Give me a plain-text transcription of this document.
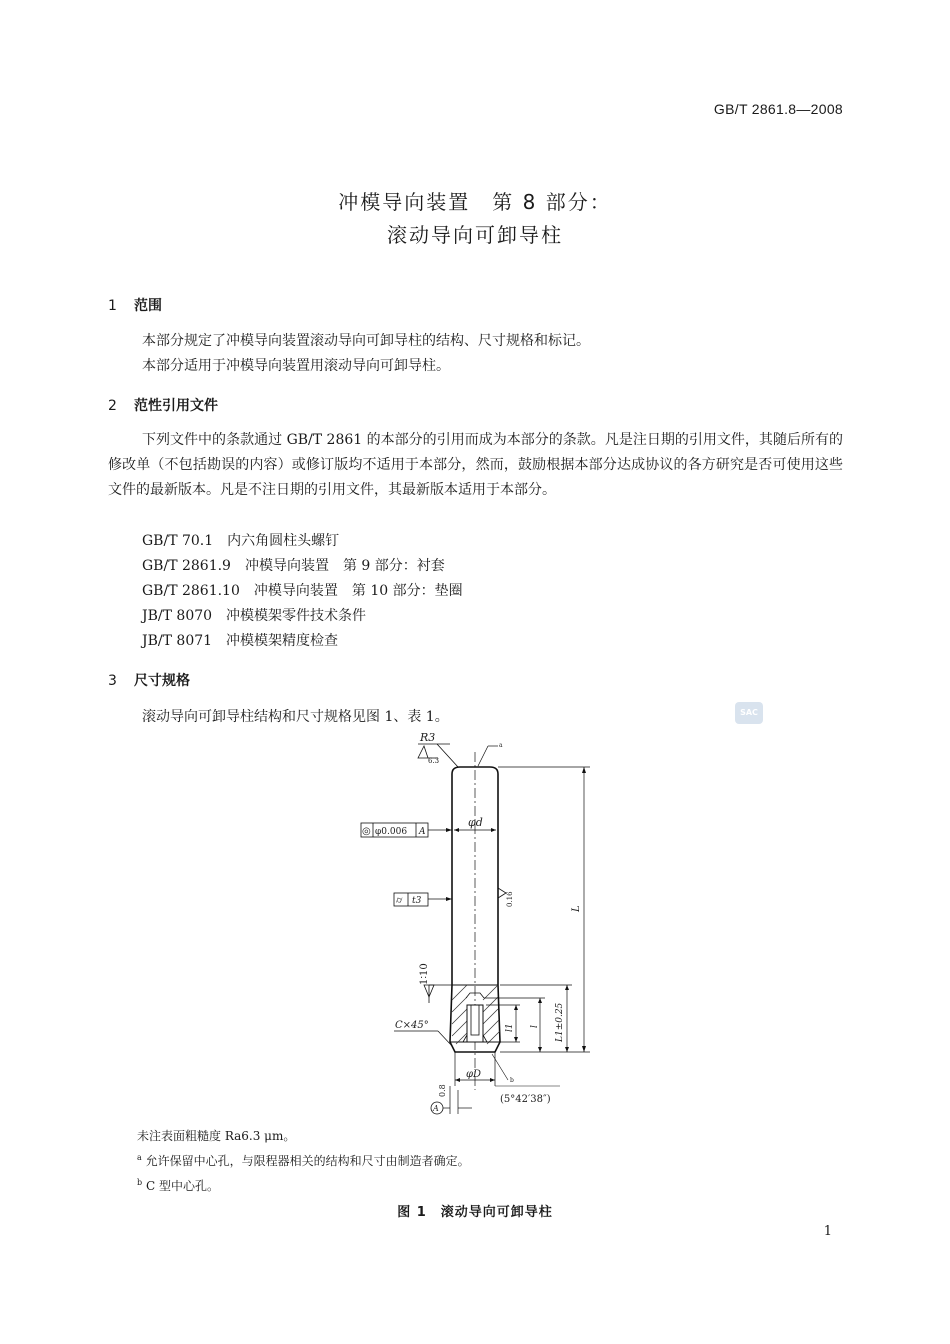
GB/T 2861.8—2008
冲模导向装置　第 8 部分：
滚动导向可卸导柱
1 范围
本部分规定了冲模导向装置滚动导向可卸导柱的结构、尺寸规格和标记。
本部分适用于冲模导向装置用滚动导向可卸导柱。
2 范性引用文件
下列文件中的条款通过 GB/T 2861 的本部分的引用而成为本部分的条款。凡是注日期的引用文件，其随后所有的修改单（不包括勘误的内容）或修订版均不适用于本部分，然而，鼓励根据本部分达成协议的各方研究是否可使用这些文件的最新版本。凡是不注日期的引用文件，其最新版本适用于本部分。
GB/T 70.1　 内六角圆柱头螺钉
GB/T 2861.9　 冲模导向装置　第 9 部分：衬套
GB/T 2861.10　 冲模导向装置　第 10 部分：垫圈
JB/T 8070　 冲模模架零件技术条件
JB/T 8071　 冲模模架精度检查
3 尺寸规格
滚动导向可卸导柱结构和尺寸规格见图 1、表 1。	SAC
R3
6.3
a
φd
◎ φ0.006 A
⌭ t3	0.16
L
1∶10
l1 l L1±0.25
C×45°
φD
b
0.8
A
(5°42′38″)
未注表面粗糙度 Ra6.3 μm。
$^a$ 允许保留中心孔，与限程器相关的结构和尺寸由制造者确定。
$^b$ C 型中心孔。
图 1　滚动导向可卸导柱
1
